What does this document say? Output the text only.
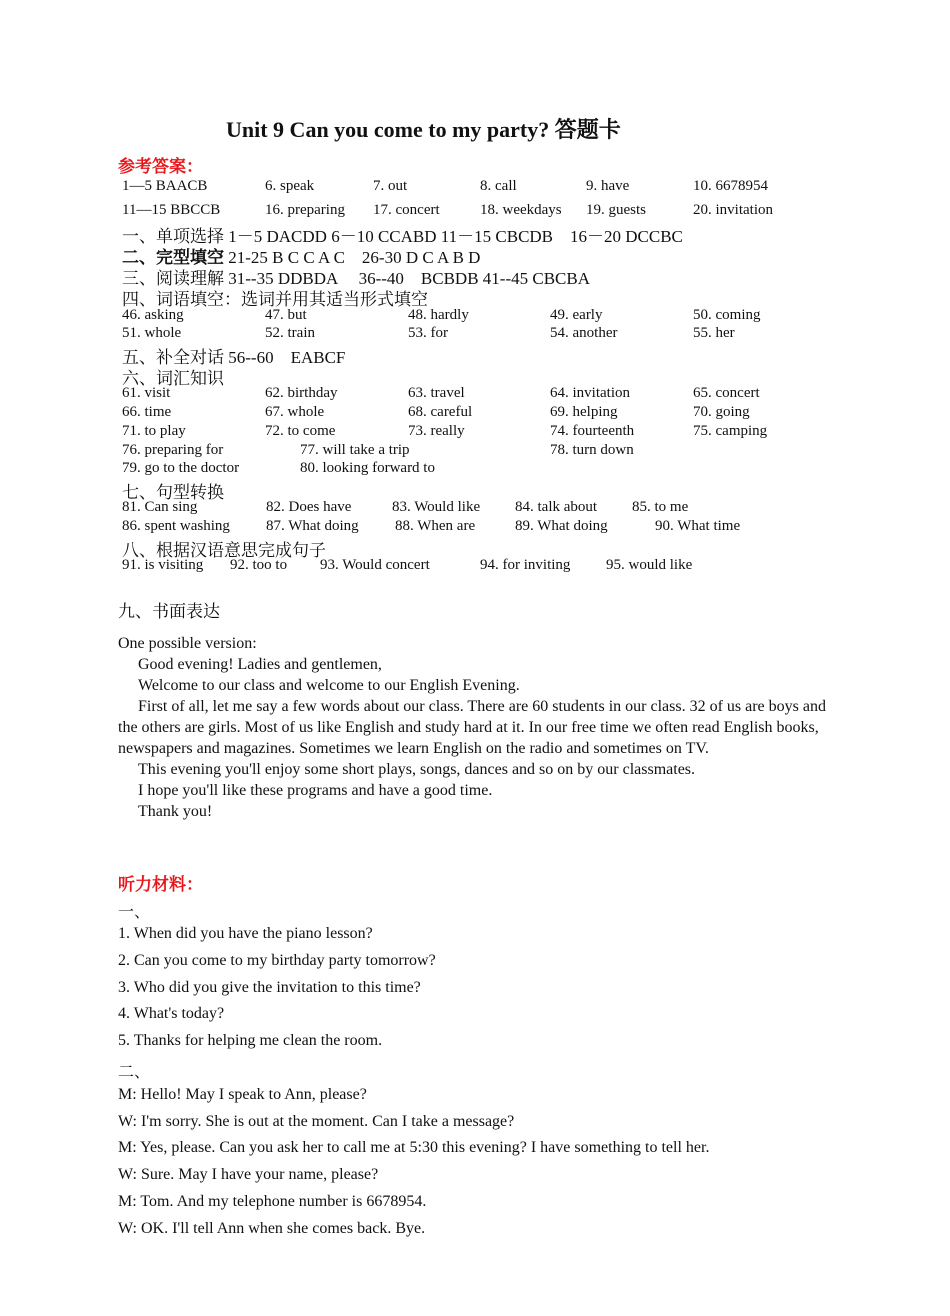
Unit 9 Can you come to my party? 答题卡
参考答案：
1—5 BAACB	6. speak	7. out	8. call	9. have	10. 6678954
11—15 BBCCB	16. preparing 17. concert	18. weekdays 19. guests	20. invitation
一、单项选择 1－5 DACDD 6－10 CCABD 11－15 CBCDB　16－20 DCCBC
二、完型填空 21-25 B C C A C　26-30 D C A B D
三、阅读理解 31--35 DDBDA　 36--40　BCBDB 41--45 CBCBA
四、词语填空：选词并用其适当形式填空
46. asking	47. but	48. hardly	49. early	50. coming
51. whole	52. train	53. for	54. another	55. her
五、补全对话 56--60　EABCF
六、词汇知识
61. visit	62. birthday	63. travel	64. invitation	65. concert
66. time	67. whole	68. careful	69. helping	70. going
71. to play	72. to come	73. really	74. fourteenth	75. camping
76. preparing for	77. will take a trip	78. turn down
79. go to the doctor	80. looking forward to
七、句型转换
81. Can sing	82. Does have	83. Would like 84. talk about 85. to me
86. spent washing 87. What doing 88. When are	89. What doing	90. What time
八、根据汉语意思完成句子
91. is visiting 92. too to 93. Would concert	94. for inviting 95. would like
九、书面表达

One possible version:

Good evening! Ladies and gentlemen,

Welcome to our class and welcome to our English Evening.

First of all, let me say a few words about our class. There are 60 students in our class. 32 of us are boys and the others are girls. Most of us like English and study hard at it. In our free time we often read English books, newspapers and magazines. Sometimes we learn English on the radio and sometimes on TV.

This evening you'll enjoy some short plays, songs, dances and so on by our classmates.

I hope you'll like these programs and have a good time.

Thank you!

听力材料：
一、
1. When did you have the piano lesson?
2. Can you come to my birthday party tomorrow?
3. Who did you give the invitation to this time?
4. What's today?
5. Thanks for helping me clean the room.
二、
M: Hello! May I speak to Ann, please?
W: I'm sorry. She is out at the moment. Can I take a message?
M: Yes, please. Can you ask her to call me at 5:30 this evening? I have something to tell her.
W: Sure. May I have your name, please?
M: Tom. And my telephone number is 6678954.
W: OK. I'll tell Ann when she comes back. Bye.
